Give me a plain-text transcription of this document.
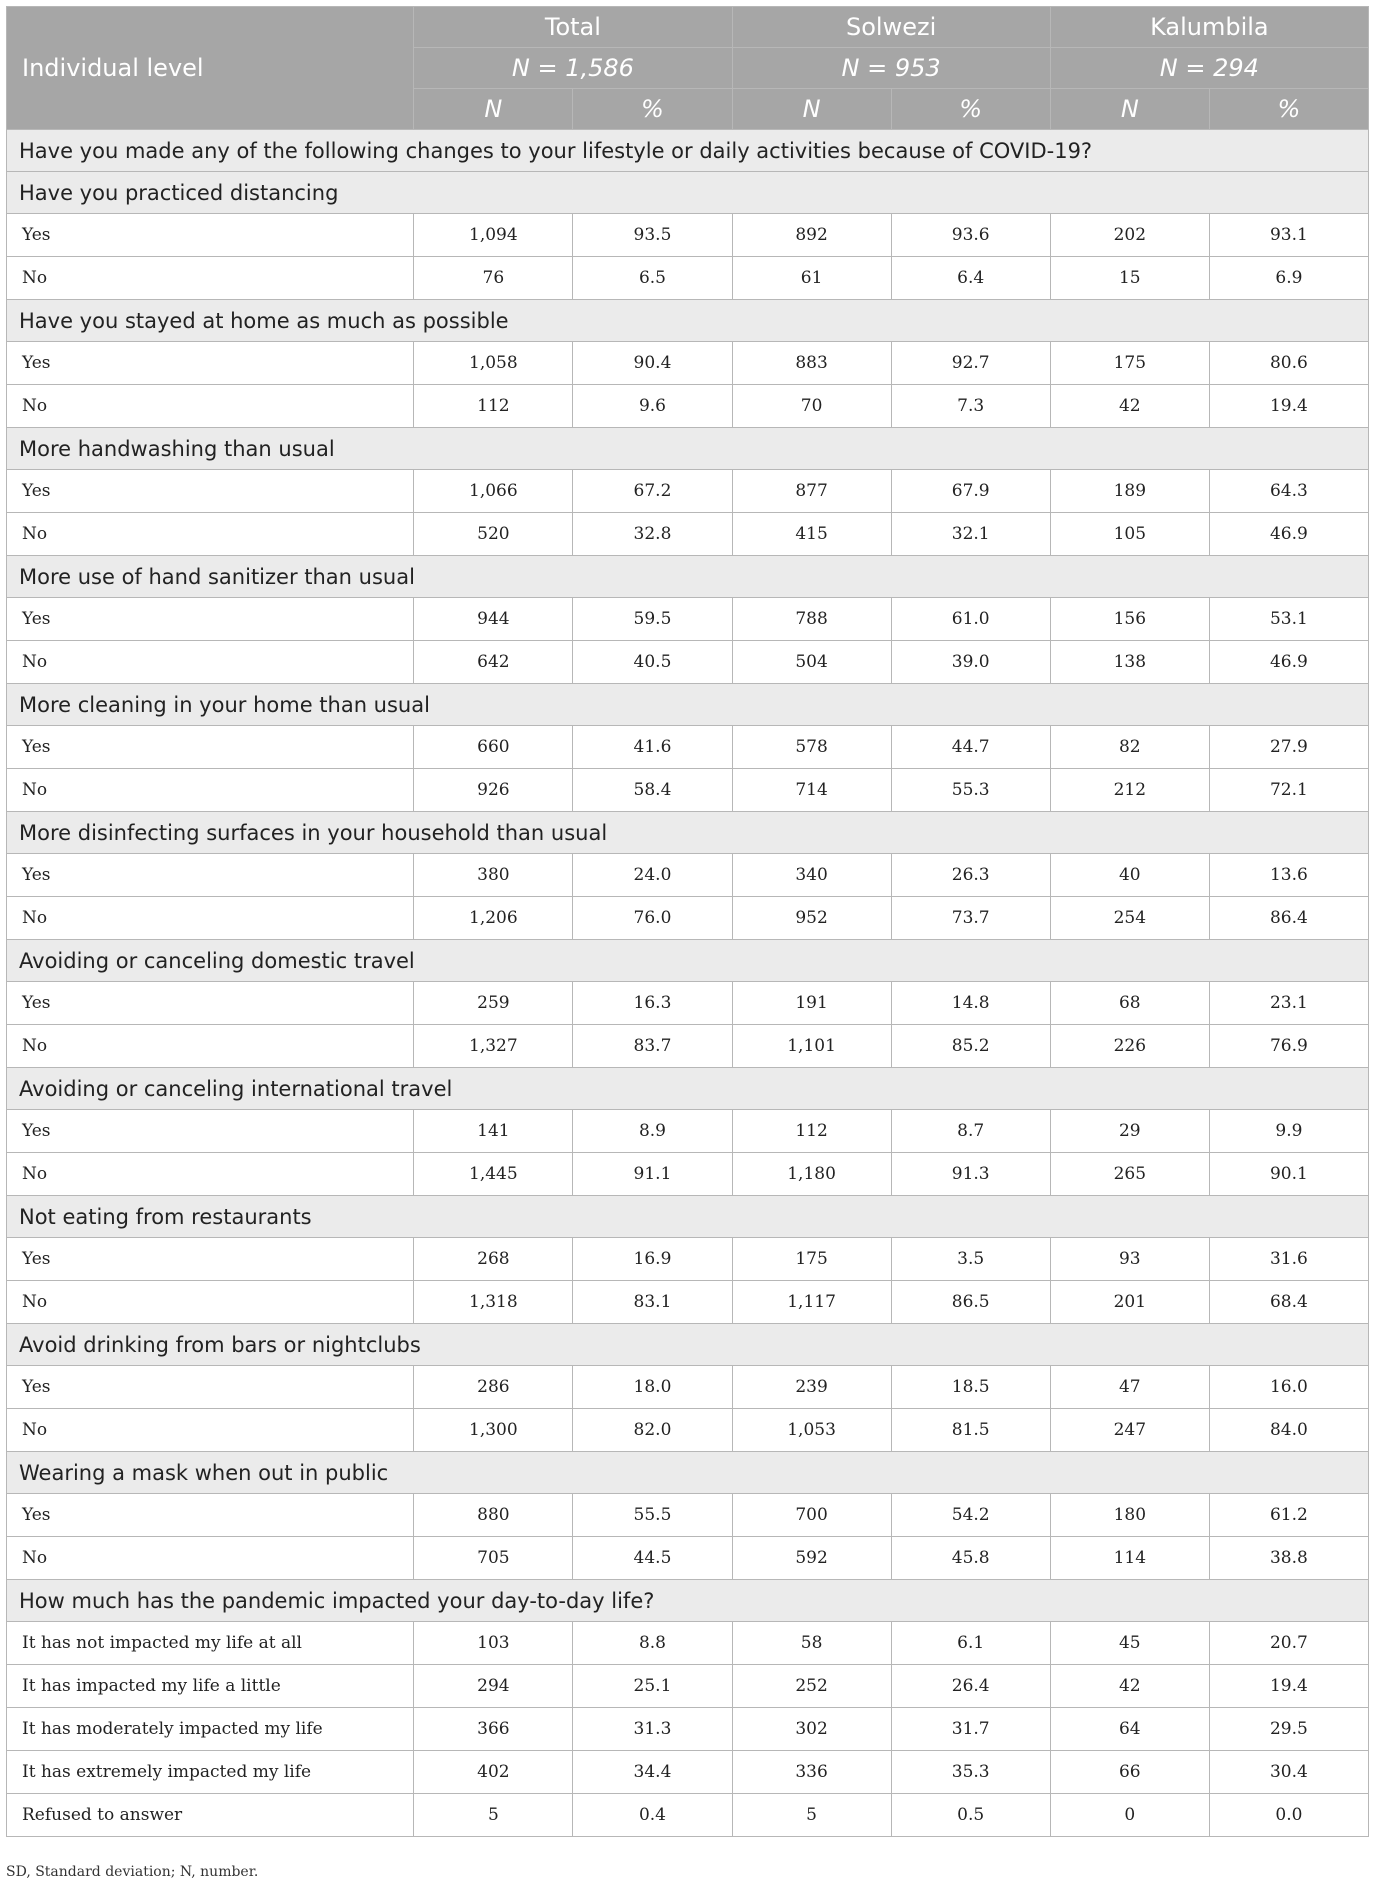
Individual level	Total		Solwezi		Kalumbila	
	N = 1,586		N = 953		N = 294	
	N	%	N	%	N	%
Have you made any of the following changes to your lifestyle or daily activities because of COVID-19?						
Have you practiced distancing						
Yes	1,094	93.5	892	93.6	202	93.1
No	76	6.5	61	6.4	15	6.9
Have you stayed at home as much as possible						
Yes	1,058	90.4	883	92.7	175	80.6
No	112	9.6	70	7.3	42	19.4
More handwashing than usual						
Yes	1,066	67.2	877	67.9	189	64.3
No	520	32.8	415	32.1	105	46.9
More use of hand sanitizer than usual						
Yes	944	59.5	788	61.0	156	53.1
No	642	40.5	504	39.0	138	46.9
More cleaning in your home than usual						
Yes	660	41.6	578	44.7	82	27.9
No	926	58.4	714	55.3	212	72.1
More disinfecting surfaces in your household than usual						
Yes	380	24.0	340	26.3	40	13.6
No	1,206	76.0	952	73.7	254	86.4
Avoiding or canceling domestic travel						
Yes	259	16.3	191	14.8	68	23.1
No	1,327	83.7	1,101	85.2	226	76.9
Avoiding or canceling international travel						
Yes	141	8.9	112	8.7	29	9.9
No	1,445	91.1	1,180	91.3	265	90.1
Not eating from restaurants						
Yes	268	16.9	175	3.5	93	31.6
No	1,318	83.1	1,117	86.5	201	68.4
Avoid drinking from bars or nightclubs						
Yes	286	18.0	239	18.5	47	16.0
No	1,300	82.0	1,053	81.5	247	84.0
Wearing a mask when out in public						
Yes	880	55.5	700	54.2	180	61.2
No	705	44.5	592	45.8	114	38.8
How much has the pandemic impacted your day-to-day life?						
It has not impacted my life at all	103	8.8	58	6.1	45	20.7
It has impacted my life a little	294	25.1	252	26.4	42	19.4
It has moderately impacted my life	366	31.3	302	31.7	64	29.5
It has extremely impacted my life	402	34.4	336	35.3	66	30.4
Refused to answer	5	0.4	5	0.5	0	0.0
SD, Standard deviation; N, number.
